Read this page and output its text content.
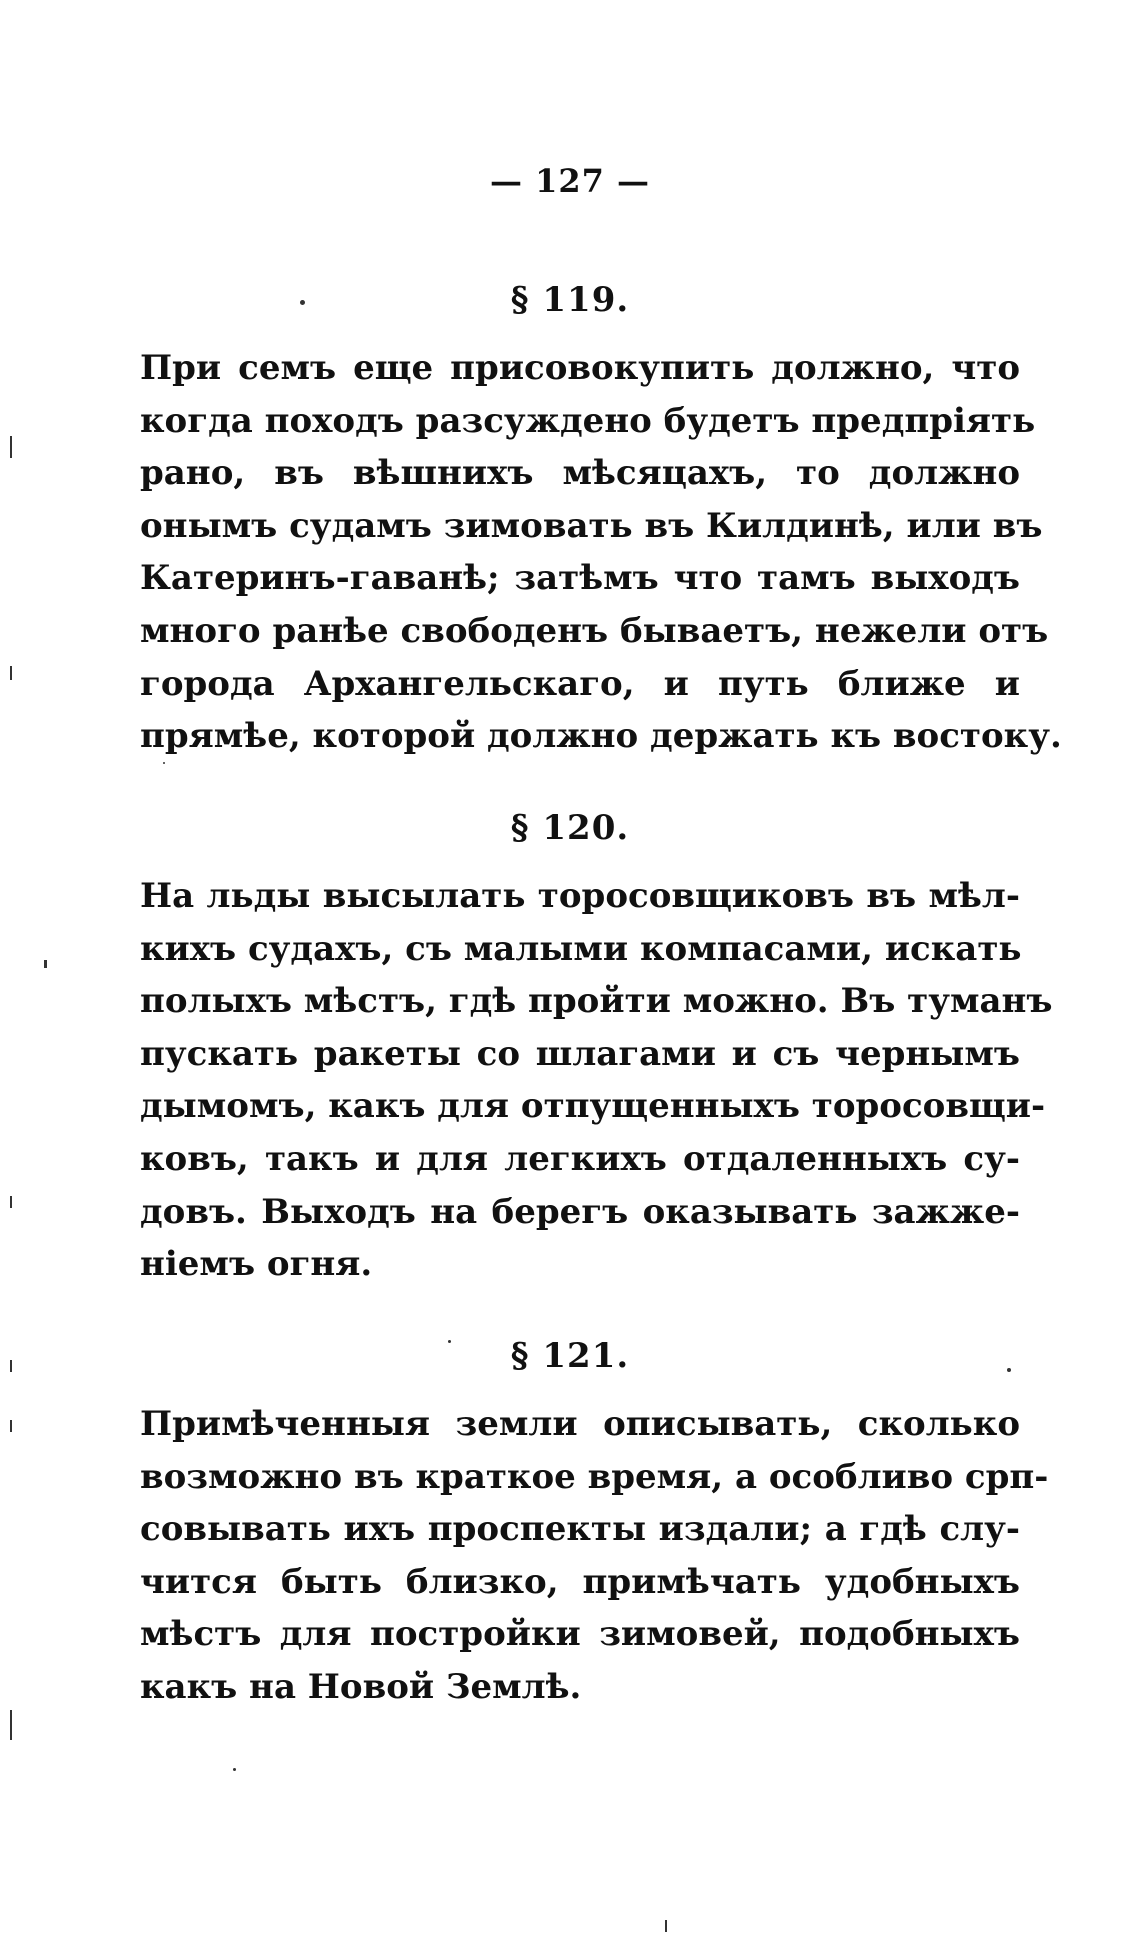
— 127 —
§ 119.
При семъ еще присовокупить должно, что
когда походъ разсуждено будетъ предпріять
рано, въ вѣшнихъ мѣсяцахъ, то должно
онымъ судамъ зимовать въ Килдинѣ, или въ
Катеринъ-гаванѣ; затѣмъ что тамъ выходъ
много ранѣе свободенъ бываетъ, нежели отъ
города Архангельскаго, и путь ближе и
прямѣе, которой должно держать къ востоку.
§ 120.
На льды высылать торосовщиковъ въ мѣл-
кихъ судахъ, съ малыми компасами, искать
полыхъ мѣстъ, гдѣ пройти можно. Въ туманъ
пускать ракеты со шлагами и съ чернымъ
дымомъ, какъ для отпущенныхъ торосовщи-
ковъ, такъ и для легкихъ отдаленныхъ су-
довъ. Выходъ на берегъ оказывать зажже-
ніемъ огня.
§ 121.
Примѣченныя земли описывать, сколько
возможно въ краткое время, а особливо срп-
совывать ихъ проспекты издали; а гдѣ слу-
чится быть близко, примѣчать удобныхъ
мѣстъ для постройки зимовей, подобныхъ
какъ на Новой Землѣ.
